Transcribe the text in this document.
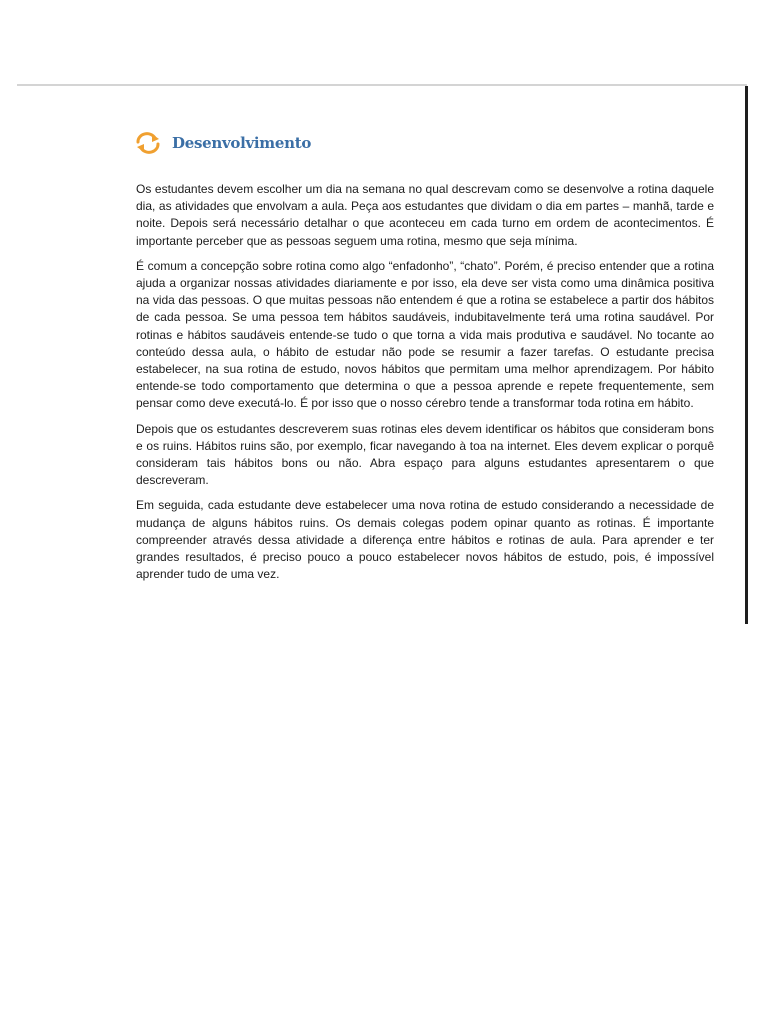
Desenvolvimento

Os estudantes devem escolher um dia na semana no qual descrevam como se desenvolve a rotina daquele dia, as atividades que envolvam a aula. Peça aos estudantes que dividam o dia em partes – manhã, tarde e noite. Depois será necessário detalhar o que aconteceu em cada turno em ordem de acontecimentos. É importante perceber que as pessoas seguem uma rotina, mesmo que seja mínima.

É comum a concepção sobre rotina como algo “enfadonho”, “chato”. Porém, é preciso entender que a rotina ajuda a organizar nossas atividades diariamente e por isso, ela deve ser vista como uma dinâmica positiva na vida das pessoas. O que muitas pessoas não entendem é que a rotina se estabelece a partir dos hábitos de cada pessoa. Se uma pessoa tem hábitos saudáveis, indubitavelmente terá uma rotina saudável. Por rotinas e hábitos saudáveis entende-se tudo o que torna a vida mais produtiva e saudável. No tocante ao conteúdo dessa aula, o hábito de estudar não pode se resumir a fazer tarefas. O estudante precisa estabelecer, na sua rotina de estudo, novos hábitos que permitam uma melhor aprendizagem. Por hábito entende-se todo comportamento que determina o que a pessoa aprende e repete frequentemente, sem pensar como deve executá-lo. É por isso que o nosso cérebro tende a transformar toda rotina em hábito.

Depois que os estudantes descreverem suas rotinas eles devem identificar os hábitos que consideram bons e os ruins. Hábitos ruins são, por exemplo, ficar navegando à toa na internet. Eles devem explicar o porquê consideram tais hábitos bons ou não. Abra espaço para alguns estudantes apresentarem o que descreveram.

Em seguida, cada estudante deve estabelecer uma nova rotina de estudo considerando a necessidade de mudança de alguns hábitos ruins. Os demais colegas podem opinar quanto as rotinas. É importante compreender através dessa atividade a diferença entre hábitos e rotinas de aula. Para aprender e ter grandes resultados, é preciso pouco a pouco estabelecer novos hábitos de estudo, pois, é impossível aprender tudo de uma vez.
